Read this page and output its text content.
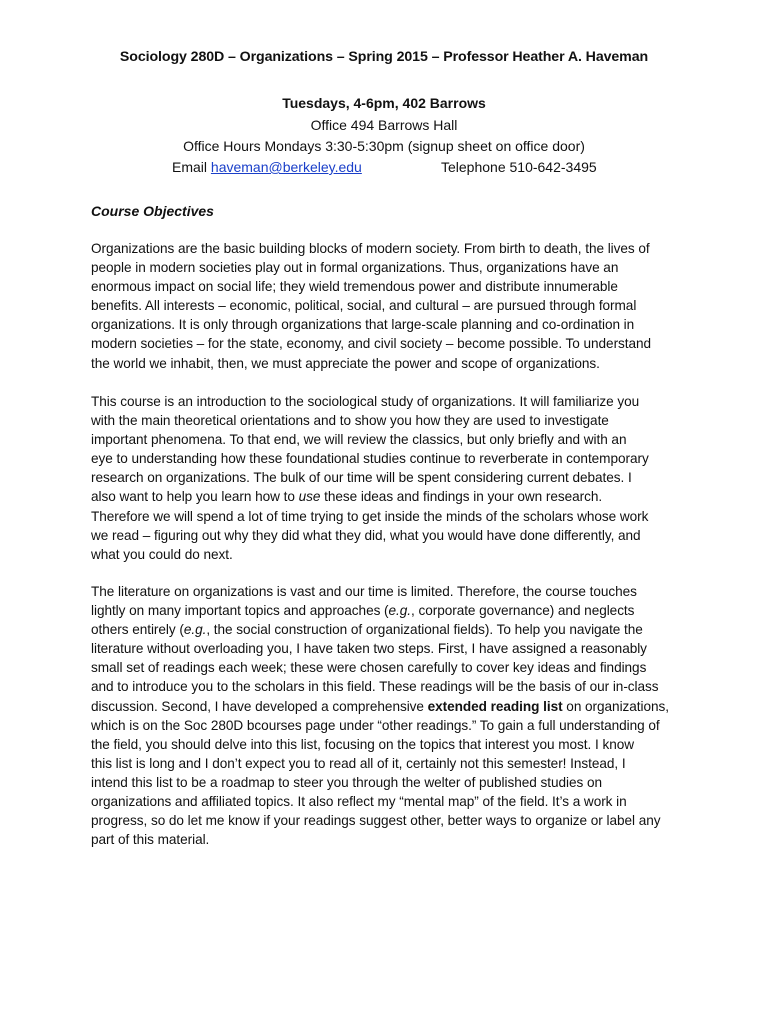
Sociology 280D – Organizations – Spring 2015 – Professor Heather A. Haveman
Tuesdays, 4-6pm, 402 Barrows
Office 494 Barrows Hall
Office Hours Mondays 3:30-5:30pm (signup sheet on office door)
Email haveman@berkeley.edu	Telephone 510-642-3495
Course Objectives
Organizations are the basic building blocks of modern society. From birth to death, the lives of
people in modern societies play out in formal organizations. Thus, organizations have an
enormous impact on social life; they wield tremendous power and distribute innumerable
benefits. All interests – economic, political, social, and cultural – are pursued through formal
organizations. It is only through organizations that large-scale planning and co-ordination in
modern societies – for the state, economy, and civil society – become possible. To understand
the world we inhabit, then, we must appreciate the power and scope of organizations.
This course is an introduction to the sociological study of organizations. It will familiarize you
with the main theoretical orientations and to show you how they are used to investigate
important phenomena. To that end, we will review the classics, but only briefly and with an
eye to understanding how these foundational studies continue to reverberate in contemporary
research on organizations. The bulk of our time will be spent considering current debates. I
also want to help you learn how to use these ideas and findings in your own research.
Therefore we will spend a lot of time trying to get inside the minds of the scholars whose work
we read – figuring out why they did what they did, what you would have done differently, and
what you could do next.
The literature on organizations is vast and our time is limited. Therefore, the course touches
lightly on many important topics and approaches (e.g., corporate governance) and neglects
others entirely (e.g., the social construction of organizational fields). To help you navigate the
literature without overloading you, I have taken two steps. First, I have assigned a reasonably
small set of readings each week; these were chosen carefully to cover key ideas and findings
and to introduce you to the scholars in this field. These readings will be the basis of our in-class
discussion. Second, I have developed a comprehensive extended reading list on organizations,
which is on the Soc 280D bcourses page under “other readings.” To gain a full understanding of
the field, you should delve into this list, focusing on the topics that interest you most. I know
this list is long and I don’t expect you to read all of it, certainly not this semester! Instead, I
intend this list to be a roadmap to steer you through the welter of published studies on
organizations and affiliated topics. It also reflect my “mental map” of the field. It’s a work in
progress, so do let me know if your readings suggest other, better ways to organize or label any
part of this material.
